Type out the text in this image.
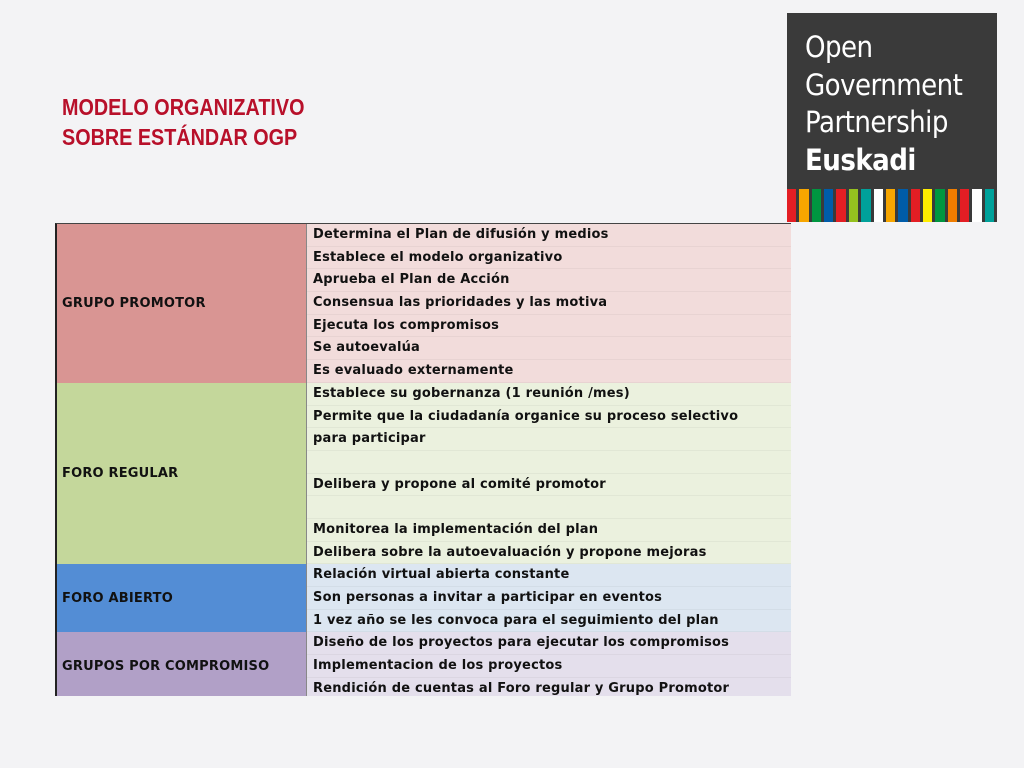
MODELO ORGANIZATIVO
SOBRE ESTÁNDAR OGP
Open
Government
Partnership
Euskadi
GRUPO PROMOTOR
Determina el Plan de difusión y medios
Establece el modelo organizativo
Aprueba el Plan de Acción
Consensua las prioridades y las motiva
Ejecuta los compromisos
Se autoevalúa
Es evaluado externamente
FORO REGULAR
Establece su gobernanza (1 reunión /mes)
Permite que la ciudadanía organice su proceso selectivo
para participar
Delibera y propone al comité promotor
Monitorea la implementación del plan
Delibera sobre la autoevaluación y propone mejoras
FORO ABIERTO
Relación virtual abierta constante
Son personas a invitar a participar en eventos
1 vez año se les convoca para el seguimiento del plan
GRUPOS POR COMPROMISO
Diseño de los proyectos para ejecutar los compromisos
Implementacion de los proyectos
Rendición de cuentas al Foro regular y Grupo Promotor
